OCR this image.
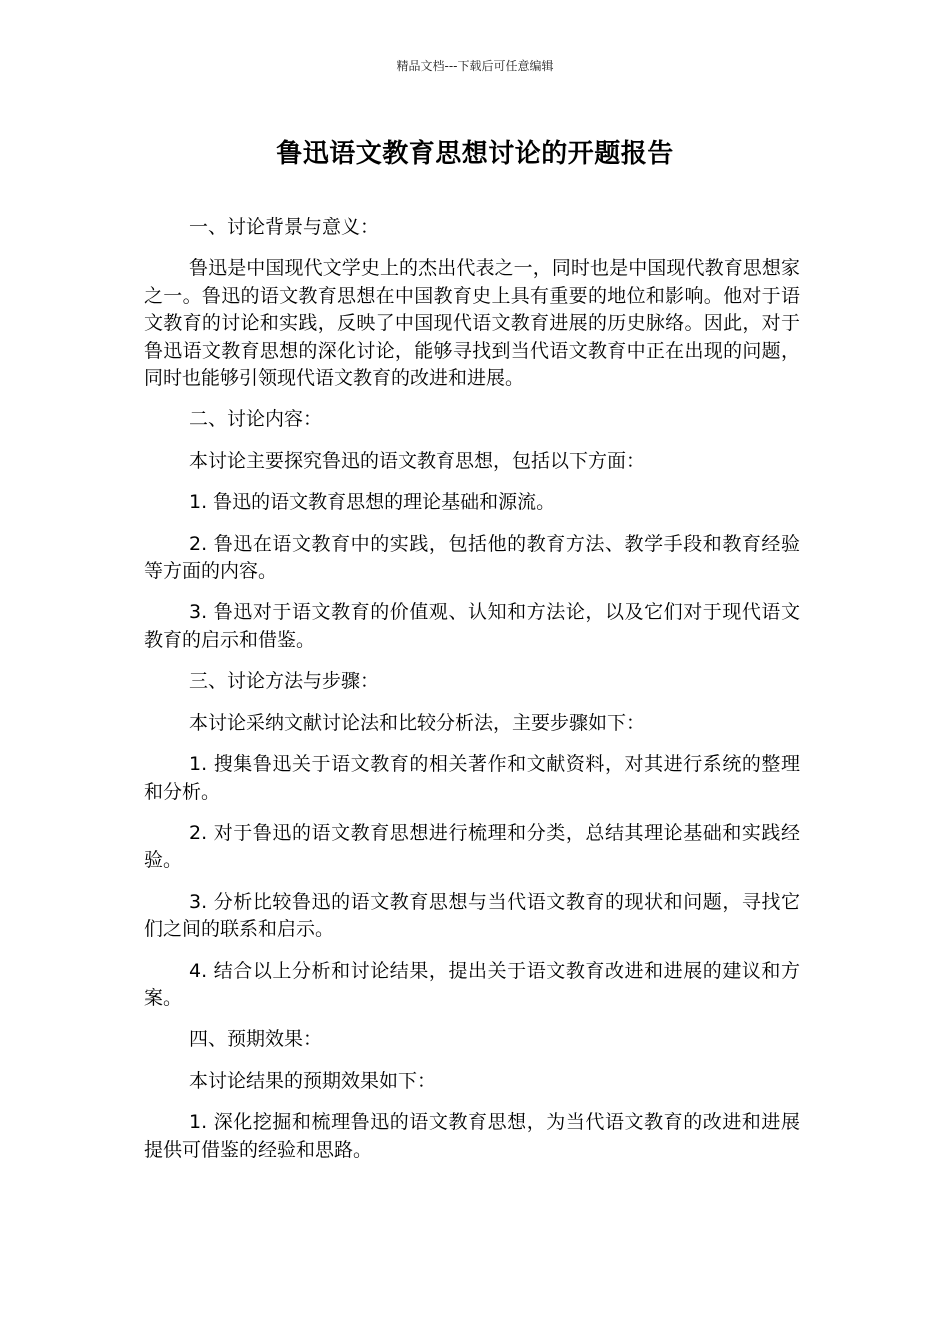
精品文档---下载后可任意编辑
鲁迅语文教育思想讨论的开题报告

一、讨论背景与意义：

鲁迅是中国现代文学史上的杰出代表之一，同时也是中国现代教育思想家之一。鲁迅的语文教育思想在中国教育史上具有重要的地位和影响。他对于语文教育的讨论和实践，反映了中国现代语文教育进展的历史脉络。因此，对于鲁迅语文教育思想的深化讨论，能够寻找到当代语文教育中正在出现的问题，同时也能够引领现代语文教育的改进和进展。

二、讨论内容：

本讨论主要探究鲁迅的语文教育思想，包括以下方面：

1. 鲁迅的语文教育思想的理论基础和源流。

2. 鲁迅在语文教育中的实践，包括他的教育方法、教学手段和教育经验等方面的内容。

3. 鲁迅对于语文教育的价值观、认知和方法论，以及它们对于现代语文教育的启示和借鉴。

三、讨论方法与步骤：

本讨论采纳文献讨论法和比较分析法，主要步骤如下：

1. 搜集鲁迅关于语文教育的相关著作和文献资料，对其进行系统的整理和分析。

2. 对于鲁迅的语文教育思想进行梳理和分类，总结其理论基础和实践经验。

3. 分析比较鲁迅的语文教育思想与当代语文教育的现状和问题，寻找它们之间的联系和启示。

4. 结合以上分析和讨论结果，提出关于语文教育改进和进展的建议和方案。

四、预期效果：

本讨论结果的预期效果如下：

1. 深化挖掘和梳理鲁迅的语文教育思想，为当代语文教育的改进和进展提供可借鉴的经验和思路。
